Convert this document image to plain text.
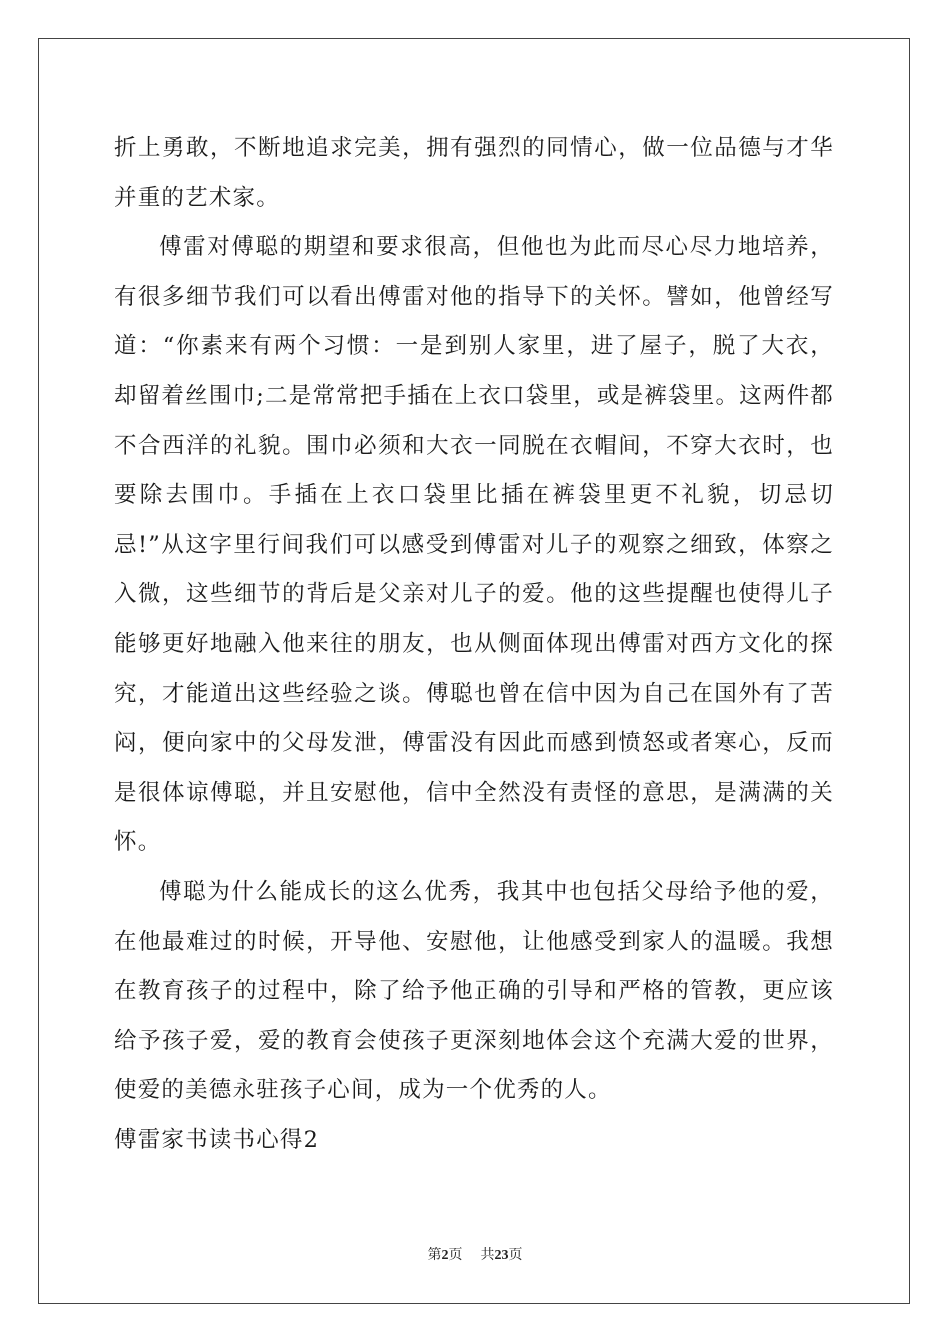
折上勇敢，不断地追求完美，拥有强烈的同情心，做一位品德与才华并重的艺术家。

傅雷对傅聪的期望和要求很高，但他也为此而尽心尽力地培养，有很多细节我们可以看出傅雷对他的指导下的关怀。譬如，他曾经写道：“你素来有两个习惯：一是到别人家里，进了屋子，脱了大衣，却留着丝围巾;二是常常把手插在上衣口袋里，或是裤袋里。这两件都不合西洋的礼貌。围巾必须和大衣一同脱在衣帽间，不穿大衣时，也要除去围巾。手插在上衣口袋里比插在裤袋里更不礼貌，切忌切忌!”从这字里行间我们可以感受到傅雷对儿子的观察之细致，体察之入微，这些细节的背后是父亲对儿子的爱。他的这些提醒也使得儿子能够更好地融入他来往的朋友，也从侧面体现出傅雷对西方文化的探究，才能道出这些经验之谈。傅聪也曾在信中因为自己在国外有了苦闷，便向家中的父母发泄，傅雷没有因此而感到愤怒或者寒心，反而是很体谅傅聪，并且安慰他，信中全然没有责怪的意思，是满满的关怀。

傅聪为什么能成长的这么优秀，我其中也包括父母给予他的爱，在他最难过的时候，开导他、安慰他，让他感受到家人的温暖。我想在教育孩子的过程中，除了给予他正确的引导和严格的管教，更应该给予孩子爱，爱的教育会使孩子更深刻地体会这个充满大爱的世界，使爱的美德永驻孩子心间，成为一个优秀的人。

傅雷家书读书心得2
第2页 共23页
